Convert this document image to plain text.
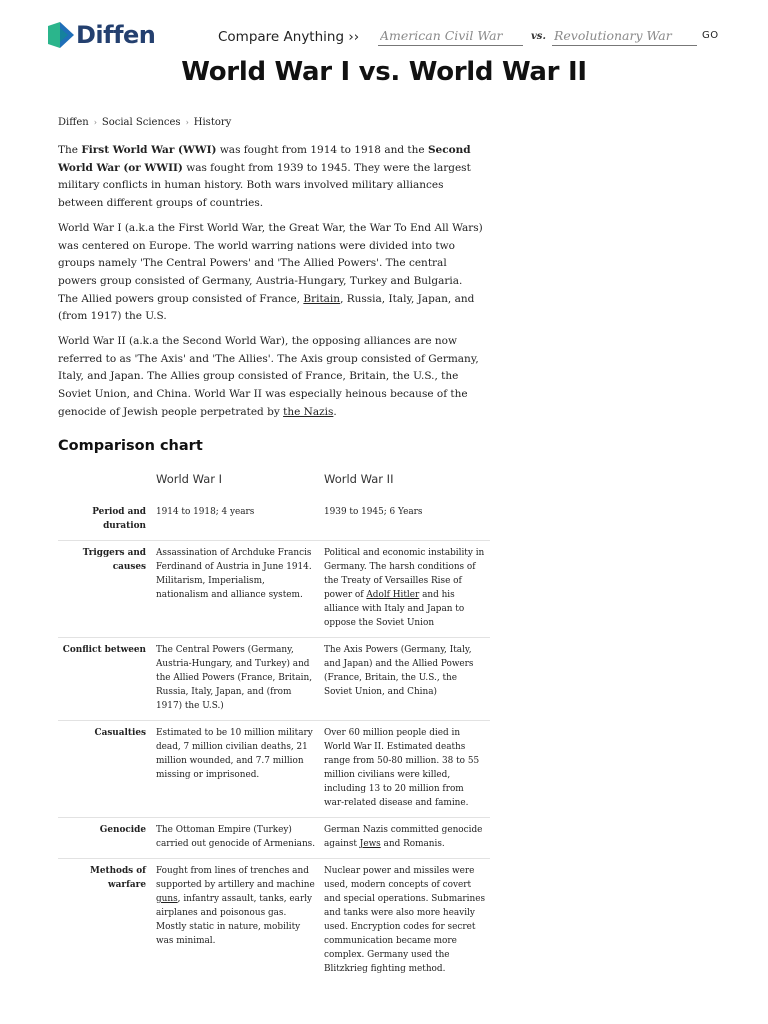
Diffen	Compare Anything ››
American Civil War	vs.
Revolutionary War	GO
World War I vs. World War II
Diffen › Social Sciences › History

The First World War (WWI) was fought from 1914 to 1918 and the Second World War (or WWII) was fought from 1939 to 1945. They were the largest military conflicts in human history. Both wars involved military alliances between different groups of countries.

World War I (a.k.a the First World War, the Great War, the War To End All Wars) was centered on Europe. The world warring nations were divided into two groups namely 'The Central Powers' and 'The Allied Powers'. The central powers group consisted of Germany, Austria-Hungary, Turkey and Bulgaria. The Allied powers group consisted of France, Britain, Russia, Italy, Japan, and (from 1917) the U.S.

World War II (a.k.a the Second World War), the opposing alliances are now referred to as 'The Axis' and 'The Allies'. The Axis group consisted of Germany, Italy, and Japan. The Allies group consisted of France, Britain, the U.S., the Soviet Union, and China. World War II was especially heinous because of the genocide of Jewish people perpetrated by the Nazis.

Comparison chart
	World War I	World War II
Period and duration	1914 to 1918; 4 years	1939 to 1945; 6 Years
Triggers and causes	Assassination of Archduke Francis Ferdinand of Austria in June 1914. Militarism, Imperialism, nationalism and alliance system.	Political and economic instability in Germany. The harsh conditions of the Treaty of Versailles Rise of power of Adolf Hitler and his alliance with Italy and Japan to oppose the Soviet Union
Conflict between	The Central Powers (Germany, Austria-Hungary, and Turkey) and the Allied Powers (France, Britain, Russia, Italy, Japan, and (from 1917) the U.S.)	The Axis Powers (Germany, Italy, and Japan) and the Allied Powers (France, Britain, the U.S., the Soviet Union, and China)
Casualties	Estimated to be 10 million military dead, 7 million civilian deaths, 21 million wounded, and 7.7 million missing or imprisoned.	Over 60 million people died in World War II. Estimated deaths range from 50-80 million. 38 to 55 million civilians were killed, including 13 to 20 million from war-related disease and famine.
Genocide	The Ottoman Empire (Turkey) carried out genocide of Armenians.	German Nazis committed genocide against Jews and Romanis.
Methods of warfare	Fought from lines of trenches and supported by artillery and machine guns, infantry assault, tanks, early airplanes and poisonous gas. Mostly static in nature, mobility was minimal.	Nuclear power and missiles were used, modern concepts of covert and special operations. Submarines and tanks were also more heavily used. Encryption codes for secret communication became more complex. Germany used the Blitzkrieg fighting method.
